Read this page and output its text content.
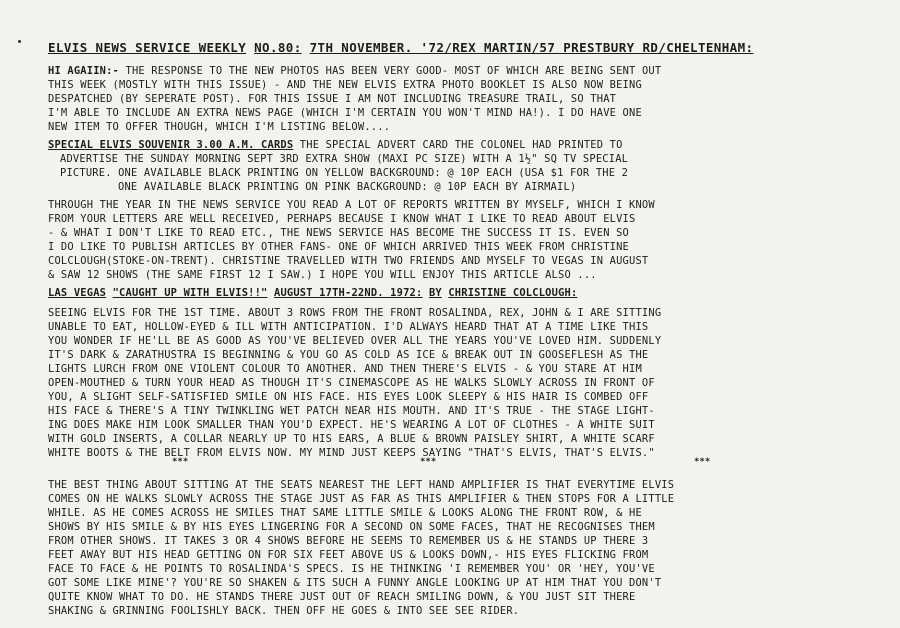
ELVIS NEWS SERVICE WEEKLY NO.80: 7TH NOVEMBER. '72/REX MARTIN/57 PRESTBURY RD/CHELTENHAM:
HI AGAIIN:- THE RESPONSE TO THE NEW PHOTOS HAS BEEN VERY GOOD- MOST OF WHICH ARE BEING SENT OUT
THIS WEEK (MOSTLY WITH THIS ISSUE) - AND THE NEW ELVIS EXTRA PHOTO BOOKLET IS ALSO NOW BEING
DESPATCHED (BY SEPERATE POST). FOR THIS ISSUE I AM NOT INCLUDING TREASURE TRAIL, SO THAT
I'M ABLE TO INCLUDE AN EXTRA NEWS PAGE (WHICH I'M CERTAIN YOU WON'T MIND HA!). I DO HAVE ONE
NEW ITEM TO OFFER THOUGH, WHICH I'M LISTING BELOW....
SPECIAL ELVIS SOUVENIR 3.00 A.M. CARDS THE SPECIAL ADVERT CARD THE COLONEL HAD PRINTED TO
ADVERTISE THE SUNDAY MORNING SEPT 3RD EXTRA SHOW (MAXI PC SIZE) WITH A 1½" SQ TV SPECIAL
PICTURE. ONE AVAILABLE BLACK PRINTING ON YELLOW BACKGROUND: @ 10P EACH (USA $1 FOR THE 2
ONE AVAILABLE BLACK PRINTING ON PINK BACKGROUND: @ 10P EACH BY AIRMAIL)
THROUGH THE YEAR IN THE NEWS SERVICE YOU READ A LOT OF REPORTS WRITTEN BY MYSELF, WHICH I KNOW
FROM YOUR LETTERS ARE WELL RECEIVED, PERHAPS BECAUSE I KNOW WHAT I LIKE TO READ ABOUT ELVIS
- & WHAT I DON'T LIKE TO READ ETC., THE NEWS SERVICE HAS BECOME THE SUCCESS IT IS. EVEN SO
I DO LIKE TO PUBLISH ARTICLES BY OTHER FANS- ONE OF WHICH ARRIVED THIS WEEK FROM CHRISTINE
COLCLOUGH(STOKE-ON-TRENT). CHRISTINE TRAVELLED WITH TWO FRIENDS AND MYSELF TO VEGAS IN AUGUST
& SAW 12 SHOWS (THE SAME FIRST 12 I SAW.) I HOPE YOU WILL ENJOY THIS ARTICLE ALSO ...
LAS VEGAS "CAUGHT UP WITH ELVIS!!" AUGUST 17TH-22ND. 1972: BY CHRISTINE COLCLOUGH:
SEEING ELVIS FOR THE 1ST TIME. ABOUT 3 ROWS FROM THE FRONT ROSALINDA, REX, JOHN & I ARE SITTING
UNABLE TO EAT, HOLLOW-EYED & ILL WITH ANTICIPATION. I'D ALWAYS HEARD THAT AT A TIME LIKE THIS
YOU WONDER IF HE'LL BE AS GOOD AS YOU'VE BELIEVED OVER ALL THE YEARS YOU'VE LOVED HIM. SUDDENLY
IT'S DARK & ZARATHUSTRA IS BEGINNING & YOU GO AS COLD AS ICE & BREAK OUT IN GOOSEFLESH AS THE
LIGHTS LURCH FROM ONE VIOLENT COLOUR TO ANOTHER. AND THEN THERE'S ELVIS - & YOU STARE AT HIM
OPEN-MOUTHED & TURN YOUR HEAD AS THOUGH IT'S CINEMASCOPE AS HE WALKS SLOWLY ACROSS IN FRONT OF
YOU, A SLIGHT SELF-SATISFIED SMILE ON HIS FACE. HIS EYES LOOK SLEEPY & HIS HAIR IS COMBED OFF
HIS FACE & THERE'S A TINY TWINKLING WET PATCH NEAR HIS MOUTH. AND IT'S TRUE - THE STAGE LIGHT-
ING DOES MAKE HIM LOOK SMALLER THAN YOU'D EXPECT. HE'S WEARING A LOT OF CLOTHES - A WHITE SUIT
WITH GOLD INSERTS, A COLLAR NEARLY UP TO HIS EARS, A BLUE & BROWN PAISLEY SHIRT, A WHITE SCARF
WHITE BOOTS & THE BELT FROM ELVIS NOW. MY MIND JUST KEEPS SAYING "THAT'S ELVIS, THAT'S ELVIS."
***	***	***
THE BEST THING ABOUT SITTING AT THE SEATS NEAREST THE LEFT HAND AMPLIFIER IS THAT EVERYTIME ELVIS
COMES ON HE WALKS SLOWLY ACROSS THE STAGE JUST AS FAR AS THIS AMPLIFIER & THEN STOPS FOR A LITTLE
WHILE. AS HE COMES ACROSS HE SMILES THAT SAME LITTLE SMILE & LOOKS ALONG THE FRONT ROW, & HE
SHOWS BY HIS SMILE & BY HIS EYES LINGERING FOR A SECOND ON SOME FACES, THAT HE RECOGNISES THEM
FROM OTHER SHOWS. IT TAKES 3 OR 4 SHOWS BEFORE HE SEEMS TO REMEMBER US & HE STANDS UP THERE 3
FEET AWAY BUT HIS HEAD GETTING ON FOR SIX FEET ABOVE US & LOOKS DOWN,- HIS EYES FLICKING FROM
FACE TO FACE & HE POINTS TO ROSALINDA'S SPECS. IS HE THINKING 'I REMEMBER YOU' OR 'HEY, YOU'VE
GOT SOME LIKE MINE'? YOU'RE SO SHAKEN & ITS SUCH A FUNNY ANGLE LOOKING UP AT HIM THAT YOU DON'T
QUITE KNOW WHAT TO DO. HE STANDS THERE JUST OUT OF REACH SMILING DOWN, & YOU JUST SIT THERE
SHAKING & GRINNING FOOLISHLY BACK. THEN OFF HE GOES & INTO SEE SEE RIDER.
